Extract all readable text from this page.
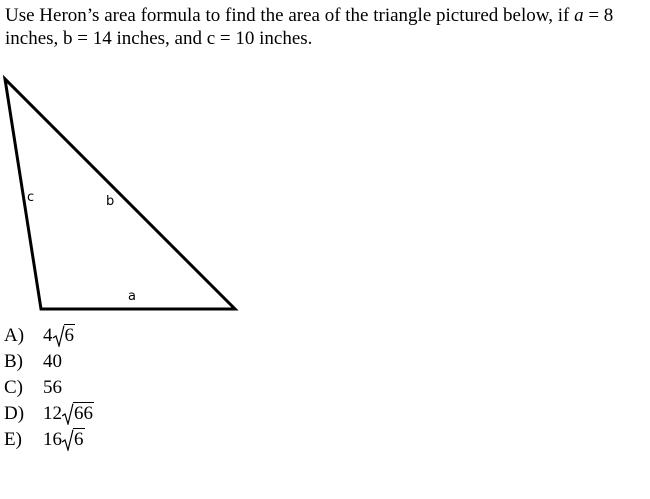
Use Heron’s area formula to find the area of the triangle pictured below, if a = 8 inches, b = 14 inches, and c = 10 inches.

c	b
a
A) 4 6
B) 40
C) 56
D) 12 66
E) 16 6
